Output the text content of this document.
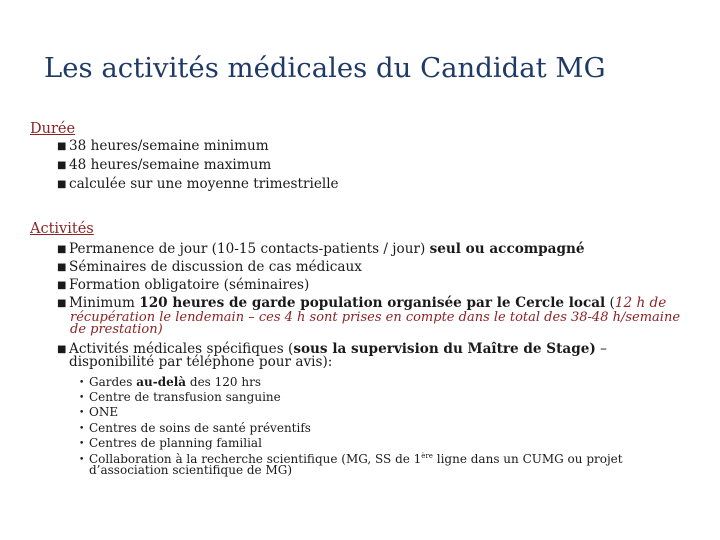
Les activités médicales du Candidat MG
Durée
■ 38 heures/semaine minimum
■ 48 heures/semaine maximum
■ calculée sur une moyenne trimestrielle
Activités
■ Permanence de jour (10-15 contacts-patients / jour) seul ou accompagné
■ Séminaires de discussion de cas médicaux
■ Formation obligatoire (séminaires)
■ Minimum 120 heures de garde population organisée par le Cercle local (12 h de
récupération le lendemain – ces 4 h sont prises en compte dans le total des 38-48 h/semaine
de prestation)
■ Activités médicales spécifiques (sous la supervision du Maître de Stage) –
disponibilité par téléphone pour avis):
• Gardes au-delà des 120 hrs
• Centre de transfusion sanguine
• ONE
• Centres de soins de santé préventifs
• Centres de planning familial
• Collaboration à la recherche scientifique (MG, SS de 1ère ligne dans un CUMG ou projet
d’association scientifique de MG)
